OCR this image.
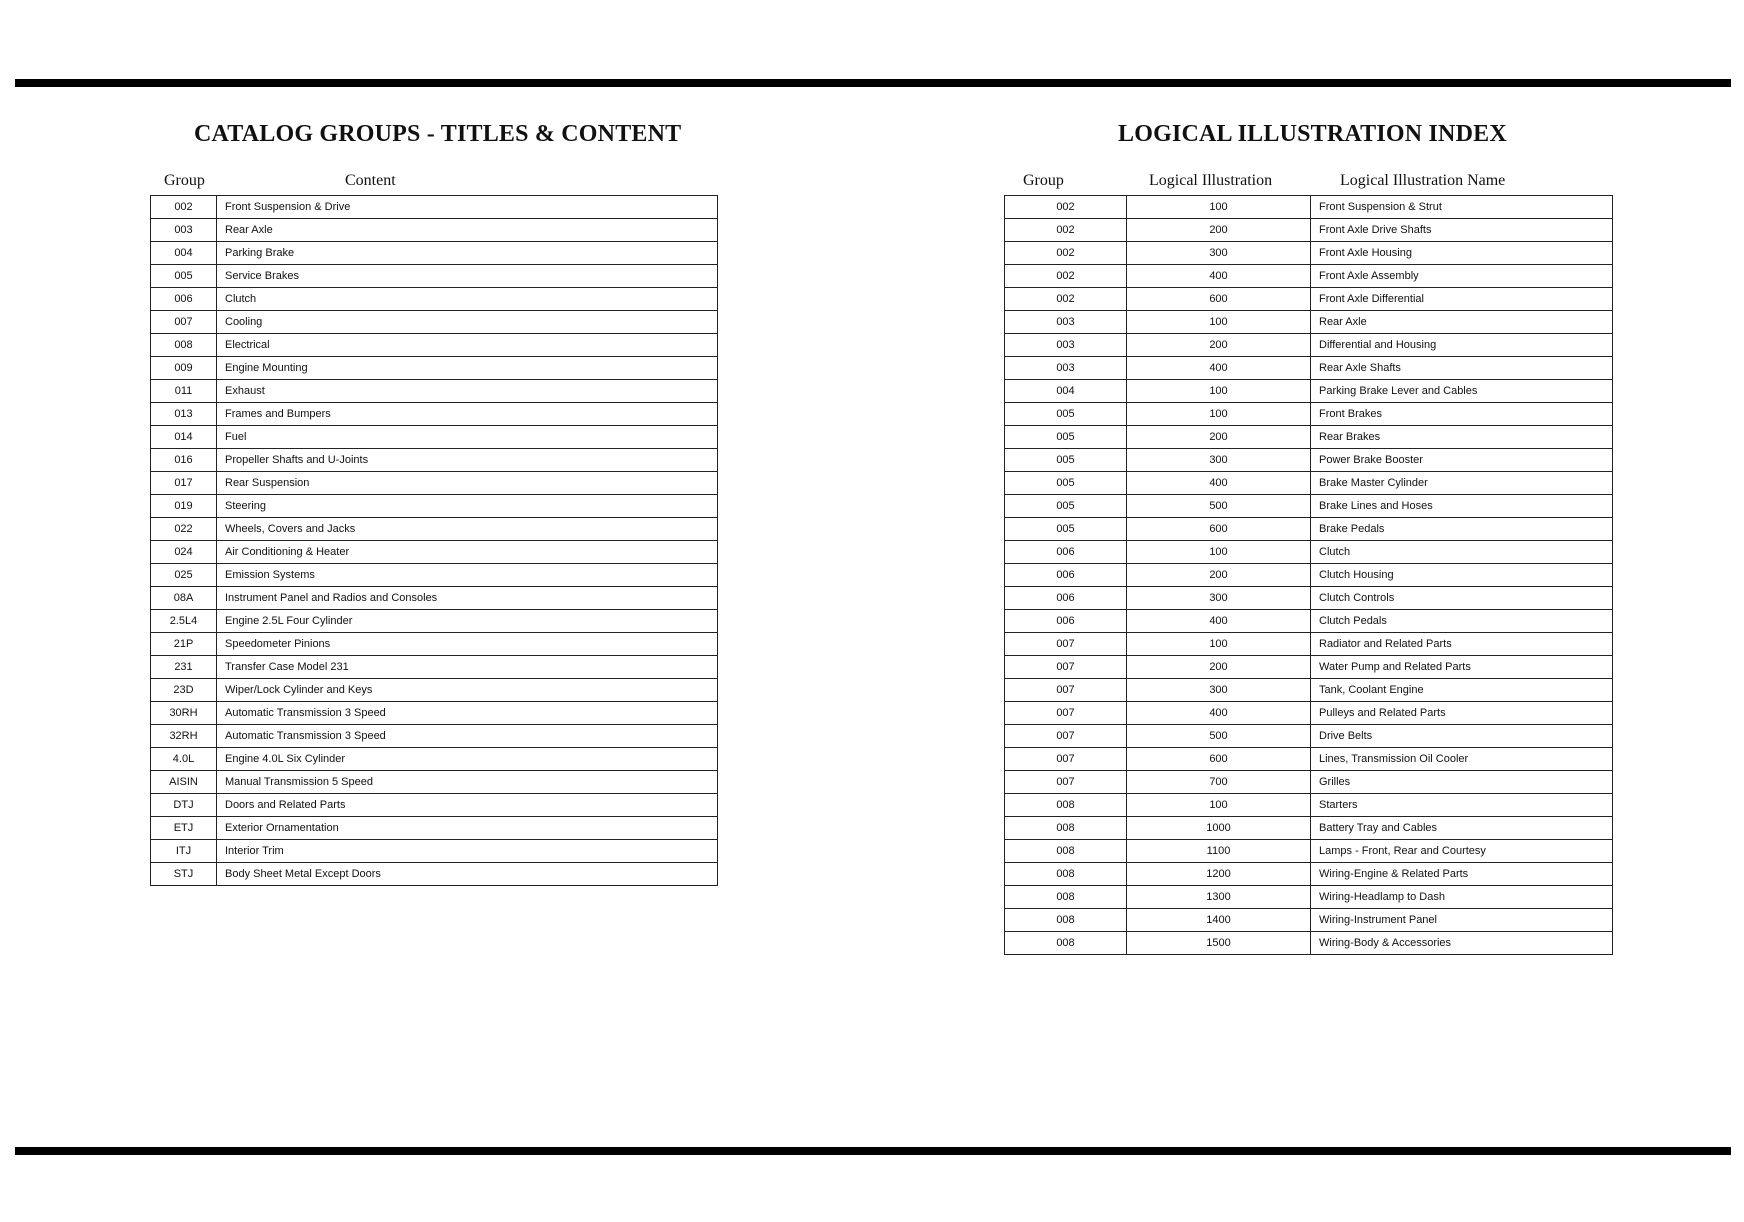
CATALOG GROUPS - TITLES & CONTENT
Group	Content
002	Front Suspension & Drive
003	Rear Axle
004	Parking Brake
005	Service Brakes
006	Clutch
007	Cooling
008	Electrical
009	Engine Mounting
011	Exhaust
013	Frames and Bumpers
014	Fuel
016	Propeller Shafts and U-Joints
017	Rear Suspension
019	Steering
022	Wheels, Covers and Jacks
024	Air Conditioning & Heater
025	Emission Systems
08A	Instrument Panel and Radios and Consoles
2.5L4	Engine 2.5L Four Cylinder
21P	Speedometer Pinions
231	Transfer Case Model 231
23D	Wiper/Lock Cylinder and Keys
30RH	Automatic Transmission 3 Speed
32RH	Automatic Transmission 3 Speed
4.0L	Engine 4.0L Six Cylinder
AISIN	Manual Transmission 5 Speed
DTJ	Doors and Related Parts
ETJ	Exterior Ornamentation
ITJ	Interior Trim
STJ	Body Sheet Metal Except Doors
LOGICAL ILLUSTRATION INDEX
Group	Logical Illustration	Logical Illustration Name
002	100	Front Suspension & Strut
002	200	Front Axle Drive Shafts
002	300	Front Axle Housing
002	400	Front Axle Assembly
002	600	Front Axle Differential
003	100	Rear Axle
003	200	Differential and Housing
003	400	Rear Axle Shafts
004	100	Parking Brake Lever and Cables
005	100	Front Brakes
005	200	Rear Brakes
005	300	Power Brake Booster
005	400	Brake Master Cylinder
005	500	Brake Lines and Hoses
005	600	Brake Pedals
006	100	Clutch
006	200	Clutch Housing
006	300	Clutch Controls
006	400	Clutch Pedals
007	100	Radiator and Related Parts
007	200	Water Pump and Related Parts
007	300	Tank, Coolant Engine
007	400	Pulleys and Related Parts
007	500	Drive Belts
007	600	Lines, Transmission Oil Cooler
007	700	Grilles
008	100	Starters
008	1000	Battery Tray and Cables
008	1100	Lamps - Front, Rear and Courtesy
008	1200	Wiring-Engine & Related Parts
008	1300	Wiring-Headlamp to Dash
008	1400	Wiring-Instrument Panel
008	1500	Wiring-Body & Accessories
